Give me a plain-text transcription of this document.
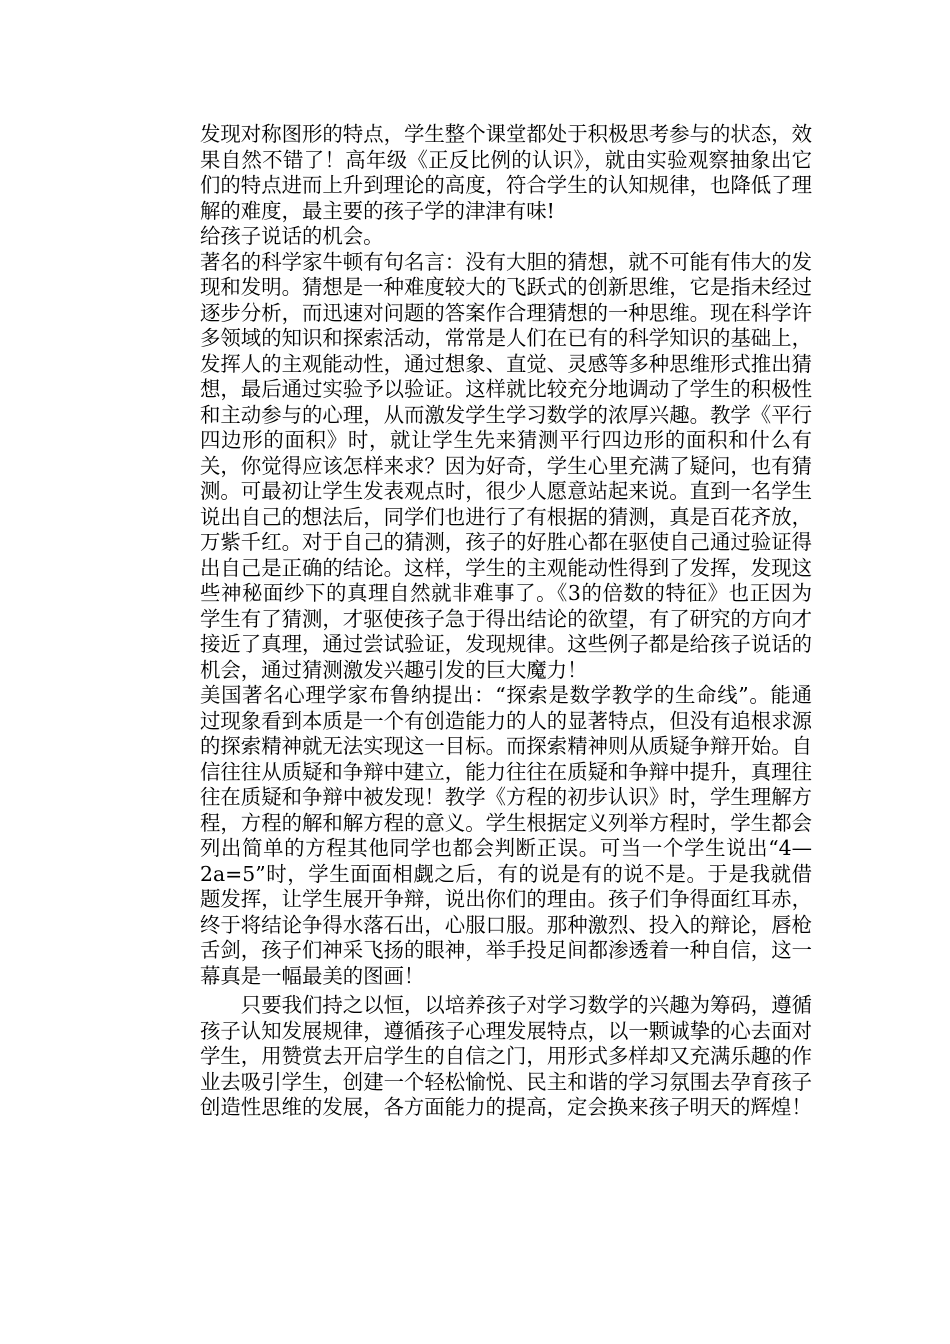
发现对称图形的特点，学生整个课堂都处于积极思考参与的状态，效果自然不错了！高年级《正反比例的认识》，就由实验观察抽象出它们的特点进而上升到理论的高度，符合学生的认知规律，也降低了理解的难度，最主要的孩子学的津津有味!

给孩子说话的机会。

著名的科学家牛顿有句名言：没有大胆的猜想，就不可能有伟大的发现和发明。猜想是一种难度较大的飞跃式的创新思维，它是指未经过逐步分析，而迅速对问题的答案作合理猜想的一种思维。现在科学许多领域的知识和探索活动，常常是人们在已有的科学知识的基础上，发挥人的主观能动性，通过想象、直觉、灵感等多种思维形式推出猜想，最后通过实验予以验证。这样就比较充分地调动了学生的积极性和主动参与的心理，从而激发学生学习数学的浓厚兴趣。教学《平行四边形的面积》时，就让学生先来猜测平行四边形的面积和什么有关，你觉得应该怎样来求？因为好奇，学生心里充满了疑问，也有猜测。可最初让学生发表观点时，很少人愿意站起来说。直到一名学生说出自己的想法后，同学们也进行了有根据的猜测，真是百花齐放，万紫千红。对于自己的猜测，孩子的好胜心都在驱使自己通过验证得出自己是正确的结论。这样，学生的主观能动性得到了发挥，发现这些神秘面纱下的真理自然就非难事了。《3的倍数的特征》也正因为学生有了猜测，才驱使孩子急于得出结论的欲望，有了研究的方向才接近了真理，通过尝试验证，发现规律。这些例子都是给孩子说话的机会，通过猜测激发兴趣引发的巨大魔力！

美国著名心理学家布鲁纳提出：“探索是数学教学的生命线”。能通过现象看到本质是一个有创造能力的人的显著特点，但没有追根求源的探索精神就无法实现这一目标。而探索精神则从质疑争辩开始。自信往往从质疑和争辩中建立，能力往往在质疑和争辩中提升，真理往往在质疑和争辩中被发现！教学《方程的初步认识》时，学生理解方程，方程的解和解方程的意义。学生根据定义列举方程时，学生都会列出简单的方程其他同学也都会判断正误。可当一个学生说出“4—2a=5”时，学生面面相觑之后，有的说是有的说不是。于是我就借题发挥，让学生展开争辩，说出你们的理由。孩子们争得面红耳赤，终于将结论争得水落石出，心服口服。那种激烈、投入的辩论，唇枪舌剑，孩子们神采飞扬的眼神，举手投足间都渗透着一种自信，这一幕真是一幅最美的图画！

只要我们持之以恒，以培养孩子对学习数学的兴趣为筹码，遵循孩子认知发展规律，遵循孩子心理发展特点，以一颗诚挚的心去面对学生，用赞赏去开启学生的自信之门，用形式多样却又充满乐趣的作业去吸引学生，创建一个轻松愉悦、民主和谐的学习氛围去孕育孩子创造性思维的发展，各方面能力的提高，定会换来孩子明天的辉煌！
